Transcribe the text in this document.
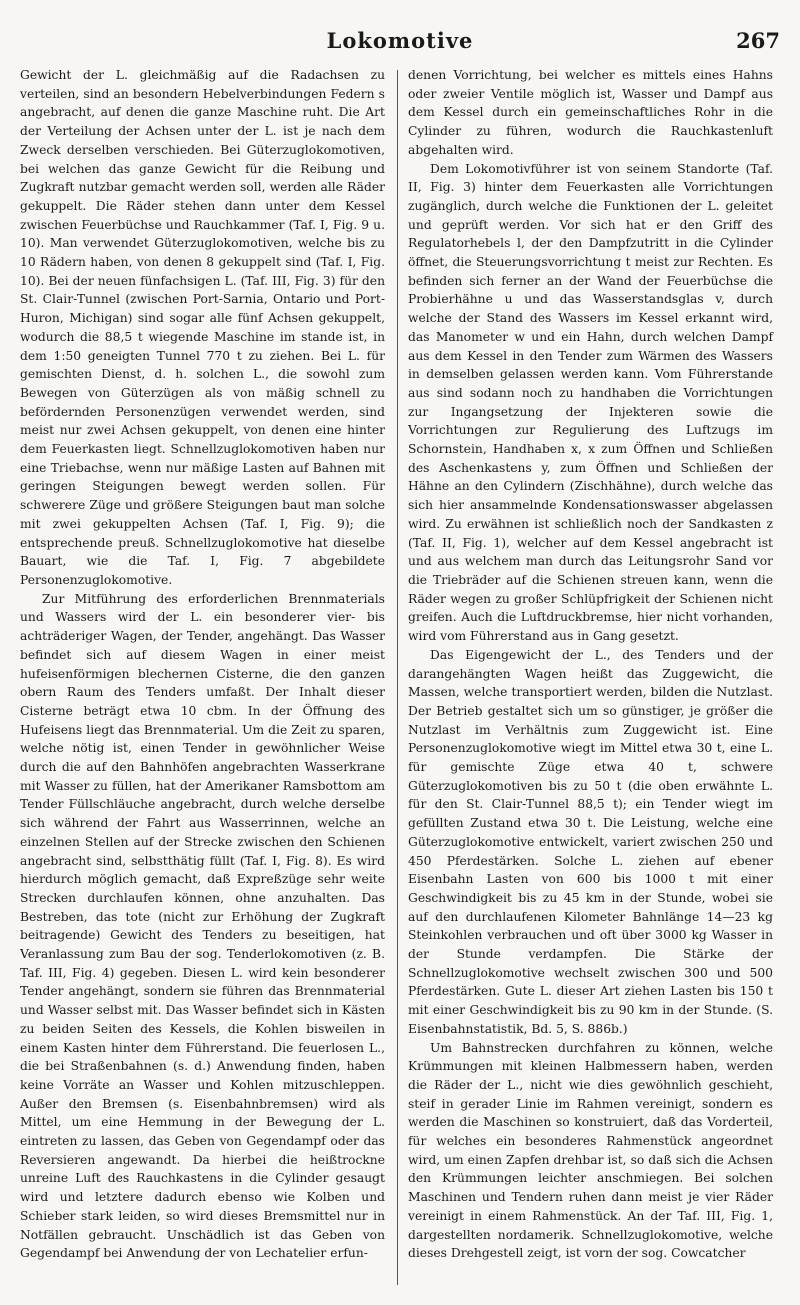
Lokomotive	267

Gewicht der L. gleichmäßig auf die Radachsen zu verteilen, sind an besondern Hebelverbindungen Federn s angebracht, auf denen die ganze Maschine ruht. Die Art der Verteilung der Achsen unter der L. ist je nach dem Zweck derselben verschieden. Bei Güterzuglokomotiven, bei welchen das ganze Gewicht für die Reibung und Zugkraft nutzbar gemacht werden soll, werden alle Räder gekuppelt. Die Räder stehen dann unter dem Kessel zwischen Feuerbüchse und Rauchkammer (Taf. I, Fig. 9 u. 10). Man verwendet Güterzuglokomotiven, welche bis zu 10 Rädern haben, von denen 8 gekuppelt sind (Taf. I, Fig. 10). Bei der neuen fünfachsigen L. (Taf. III, Fig. 3) für den St. Clair-Tunnel (zwischen Port-Sarnia, Ontario und Port-Huron, Michigan) sind sogar alle fünf Achsen gekuppelt, wodurch die 88,5 t wiegende Maschine im stande ist, in dem 1:50 geneigten Tunnel 770 t zu ziehen. Bei L. für gemischten Dienst, d. h. solchen L., die sowohl zum Bewegen von Güterzügen als von mäßig schnell zu befördernden Personenzügen verwendet werden, sind meist nur zwei Achsen gekuppelt, von denen eine hinter dem Feuerkasten liegt. Schnellzuglokomotiven haben nur eine Triebachse, wenn nur mäßige Lasten auf Bahnen mit geringen Steigungen bewegt werden sollen. Für schwerere Züge und größere Steigungen baut man solche mit zwei gekuppelten Achsen (Taf. I, Fig. 9); die entsprechende preuß. Schnellzuglokomotive hat dieselbe Bauart, wie die Taf. I, Fig. 7 abgebildete Personenzuglokomotive.

Zur Mitführung des erforderlichen Brennmaterials und Wassers wird der L. ein besonderer vier- bis achträderiger Wagen, der Tender, angehängt. Das Wasser befindet sich auf diesem Wagen in einer meist hufeisenförmigen blechernen Cisterne, die den ganzen obern Raum des Tenders umfaßt. Der Inhalt dieser Cisterne beträgt etwa 10 cbm. In der Öffnung des Hufeisens liegt das Brennmaterial. Um die Zeit zu sparen, welche nötig ist, einen Tender in gewöhnlicher Weise durch die auf den Bahnhöfen angebrachten Wasserkrane mit Wasser zu füllen, hat der Amerikaner Ramsbottom am Tender Füllschläuche angebracht, durch welche derselbe sich während der Fahrt aus Wasserrinnen, welche an einzelnen Stellen auf der Strecke zwischen den Schienen angebracht sind, selbstthätig füllt (Taf. I, Fig. 8). Es wird hierdurch möglich gemacht, daß Expreßzüge sehr weite Strecken durchlaufen können, ohne anzuhalten. Das Bestreben, das tote (nicht zur Erhöhung der Zugkraft beitragende) Gewicht des Tenders zu beseitigen, hat Veranlassung zum Bau der sog. Tenderlokomotiven (z. B. Taf. III, Fig. 4) gegeben. Diesen L. wird kein besonderer Tender angehängt, sondern sie führen das Brennmaterial und Wasser selbst mit. Das Wasser befindet sich in Kästen zu beiden Seiten des Kessels, die Kohlen bisweilen in einem Kasten hinter dem Führerstand. Die feuerlosen L., die bei Straßenbahnen (s. d.) Anwendung finden, haben keine Vorräte an Wasser und Kohlen mitzuschleppen. Außer den Bremsen (s. Eisenbahnbremsen) wird als Mittel, um eine Hemmung in der Bewegung der L. eintreten zu lassen, das Geben von Gegendampf oder das Reversieren angewandt. Da hierbei die heißtrockne unreine Luft des Rauchkastens in die Cylinder gesaugt wird und letztere dadurch ebenso wie Kolben und Schieber stark leiden, so wird dieses Bremsmittel nur in Notfällen gebraucht. Unschädlich ist das Geben von Gegendampf bei Anwendung der von Lechatelier erfun-

denen Vorrichtung, bei welcher es mittels eines Hahns oder zweier Ventile möglich ist, Wasser und Dampf aus dem Kessel durch ein gemeinschaftliches Rohr in die Cylinder zu führen, wodurch die Rauchkastenluft abgehalten wird.

Dem Lokomotivführer ist von seinem Standorte (Taf. II, Fig. 3) hinter dem Feuerkasten alle Vorrichtungen zugänglich, durch welche die Funktionen der L. geleitet und geprüft werden. Vor sich hat er den Griff des Regulatorhebels l, der den Dampfzutritt in die Cylinder öffnet, die Steuerungsvorrichtung t meist zur Rechten. Es befinden sich ferner an der Wand der Feuerbüchse die Probierhähne u und das Wasserstandsglas v, durch welche der Stand des Wassers im Kessel erkannt wird, das Manometer w und ein Hahn, durch welchen Dampf aus dem Kessel in den Tender zum Wärmen des Wassers in demselben gelassen werden kann. Vom Führerstande aus sind sodann noch zu handhaben die Vorrichtungen zur Ingangsetzung der Injekteren sowie die Vorrichtungen zur Regulierung des Luftzugs im Schornstein, Handhaben x, x zum Öffnen und Schließen des Aschenkastens y, zum Öffnen und Schließen der Hähne an den Cylindern (Zischhähne), durch welche das sich hier ansammelnde Kondensationswasser abgelassen wird. Zu erwähnen ist schließlich noch der Sandkasten z (Taf. II, Fig. 1), welcher auf dem Kessel angebracht ist und aus welchem man durch das Leitungsrohr Sand vor die Triebräder auf die Schienen streuen kann, wenn die Räder wegen zu großer Schlüpfrigkeit der Schienen nicht greifen. Auch die Luftdruckbremse, hier nicht vorhanden, wird vom Führerstand aus in Gang gesetzt.

Das Eigengewicht der L., des Tenders und der darangehängten Wagen heißt das Zuggewicht, die Massen, welche transportiert werden, bilden die Nutzlast. Der Betrieb gestaltet sich um so günstiger, je größer die Nutzlast im Verhältnis zum Zuggewicht ist. Eine Personenzuglokomotive wiegt im Mittel etwa 30 t, eine L. für gemischte Züge etwa 40 t, schwere Güterzuglokomotiven bis zu 50 t (die oben erwähnte L. für den St. Clair-Tunnel 88,5 t); ein Tender wiegt im gefüllten Zustand etwa 30 t. Die Leistung, welche eine Güterzuglokomotive entwickelt, variert zwischen 250 und 450 Pferdestärken. Solche L. ziehen auf ebener Eisenbahn Lasten von 600 bis 1000 t mit einer Geschwindigkeit bis zu 45 km in der Stunde, wobei sie auf den durchlaufenen Kilometer Bahnlänge 14—23 kg Steinkohlen verbrauchen und oft über 3000 kg Wasser in der Stunde verdampfen. Die Stärke der Schnellzuglokomotive wechselt zwischen 300 und 500 Pferdestärken. Gute L. dieser Art ziehen Lasten bis 150 t mit einer Geschwindigkeit bis zu 90 km in der Stunde. (S. Eisenbahnstatistik, Bd. 5, S. 886b.)

Um Bahnstrecken durchfahren zu können, welche Krümmungen mit kleinen Halbmessern haben, werden die Räder der L., nicht wie dies gewöhnlich geschieht, steif in gerader Linie im Rahmen vereinigt, sondern es werden die Maschinen so konstruiert, daß das Vorderteil, für welches ein besonderes Rahmenstück angeordnet wird, um einen Zapfen drehbar ist, so daß sich die Achsen den Krümmungen leichter anschmiegen. Bei solchen Maschinen und Tendern ruhen dann meist je vier Räder vereinigt in einem Rahmenstück. An der Taf. III, Fig. 1, dargestellten nordamerik. Schnellzuglokomotive, welche dieses Drehgestell zeigt, ist vorn der sog. Cowcatcher
